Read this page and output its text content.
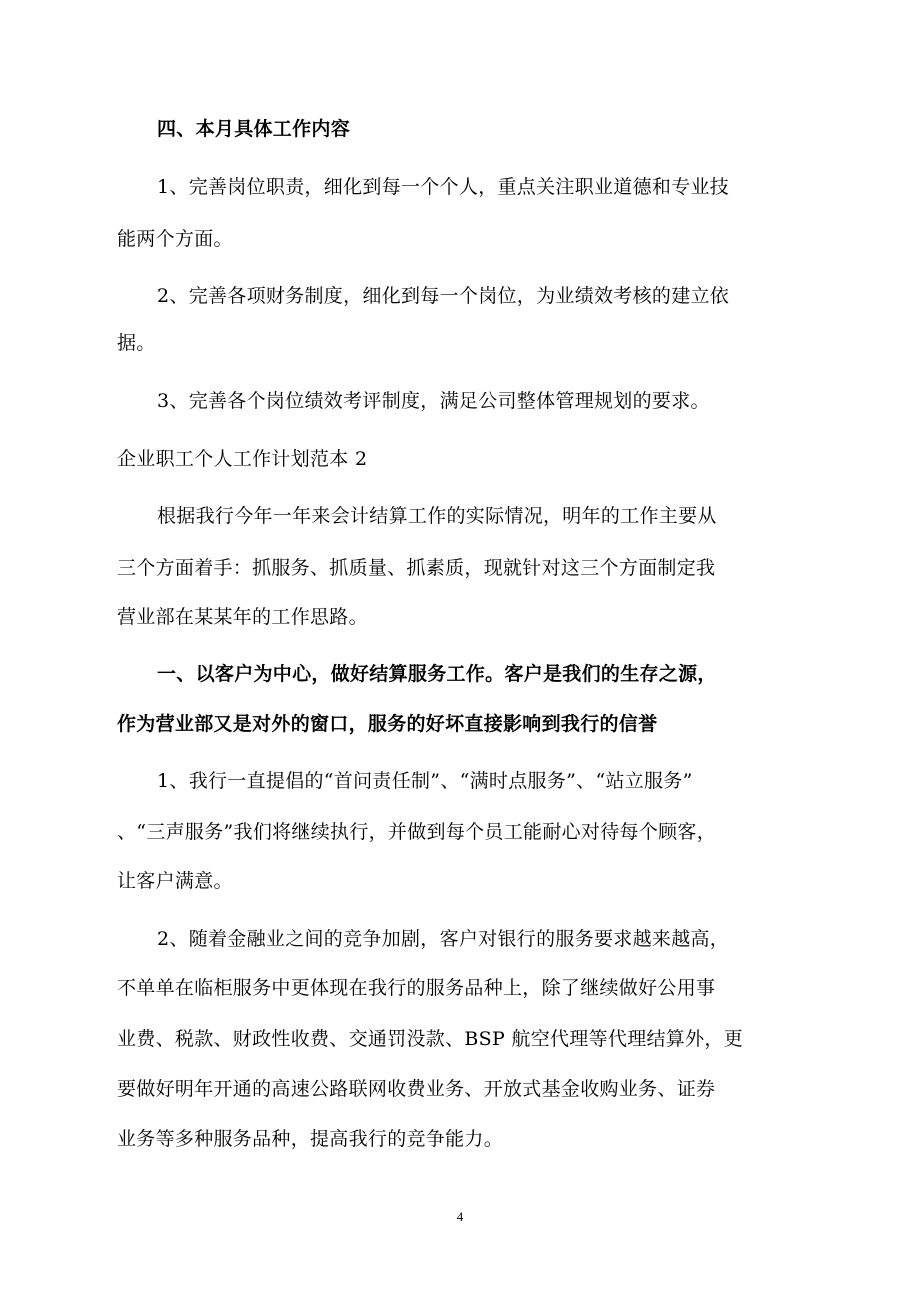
四、本月具体工作内容
1、完善岗位职责，细化到每一个个人，重点关注职业道德和专业技
能两个方面。
2、完善各项财务制度，细化到每一个岗位，为业绩效考核的建立依
据。
3、完善各个岗位绩效考评制度，满足公司整体管理规划的要求。
企业职工个人工作计划范本 2
根据我行今年一年来会计结算工作的实际情况，明年的工作主要从
三个方面着手：抓服务、抓质量、抓素质，现就针对这三个方面制定我
营业部在某某年的工作思路。
一、以客户为中心，做好结算服务工作。客户是我们的生存之源，
作为营业部又是对外的窗口，服务的好坏直接影响到我行的信誉
1、我行一直提倡的“首问责任制”、“满时点服务”、“站立服务”
、“三声服务”我们将继续执行，并做到每个员工能耐心对待每个顾客，
让客户满意。
2、随着金融业之间的竞争加剧，客户对银行的服务要求越来越高，
不单单在临柜服务中更体现在我行的服务品种上，除了继续做好公用事
业费、税款、财政性收费、交通罚没款、BSP 航空代理等代理结算外，更
要做好明年开通的高速公路联网收费业务、开放式基金收购业务、证券
业务等多种服务品种，提高我行的竞争能力。
4
